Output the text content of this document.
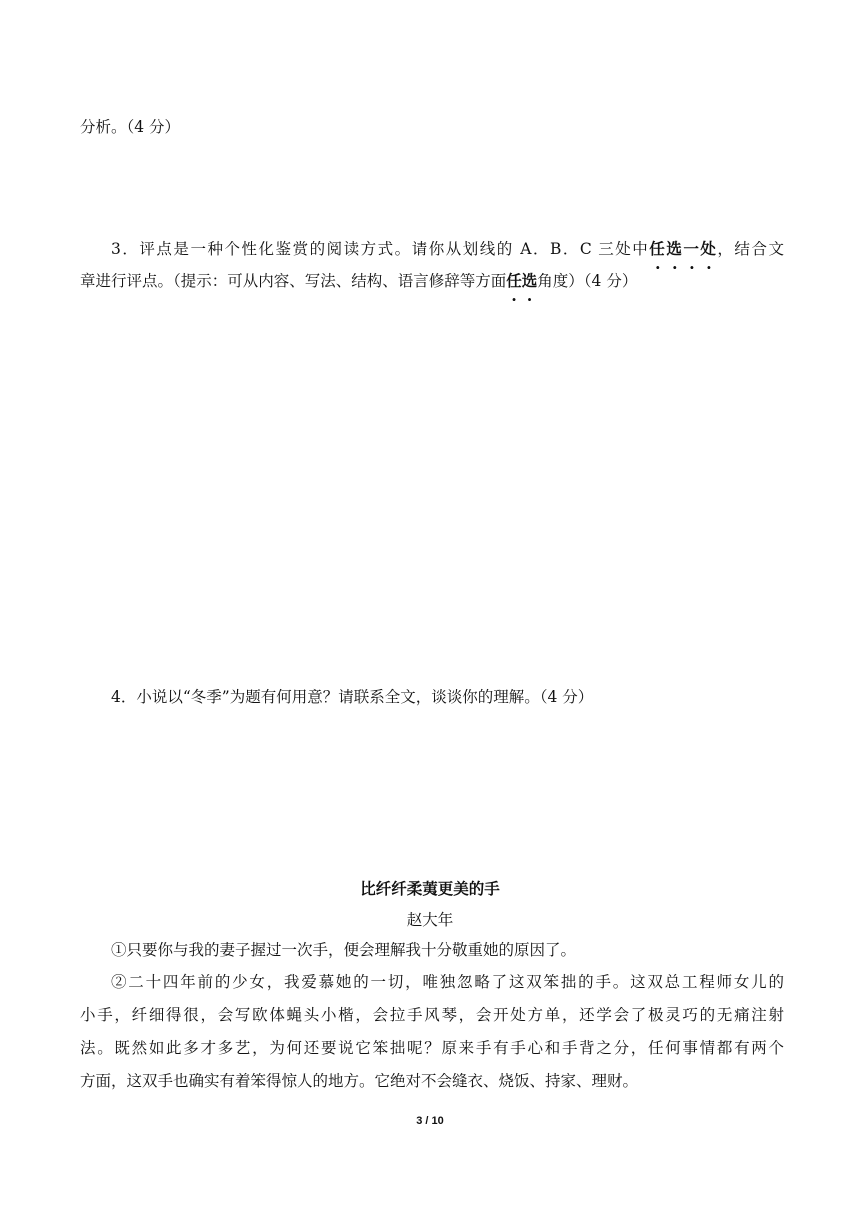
分析。（4 分）

3．评点是一种个性化鉴赏的阅读方式。请你从划线的 A．B．C 三处中任选一处，结合文

章进行评点。（提示：可从内容、写法、结构、语言修辞等方面任选角度）（4 分）

4．小说以“冬季”为题有何用意？请联系全文，谈谈你的理解。（4 分）

比纤纤柔荑更美的手

赵大年

①只要你与我的妻子握过一次手，便会理解我十分敬重她的原因了。

②二十四年前的少女，我爱慕她的一切，唯独忽略了这双笨拙的手。这双总工程师女儿的

小手，纤细得很，会写欧体蝇头小楷，会拉手风琴，会开处方单，还学会了极灵巧的无痛注射

法。既然如此多才多艺，为何还要说它笨拙呢？原来手有手心和手背之分，任何事情都有两个

方面，这双手也确实有着笨得惊人的地方。它绝对不会缝衣、烧饭、持家、理财。

3 / 10
